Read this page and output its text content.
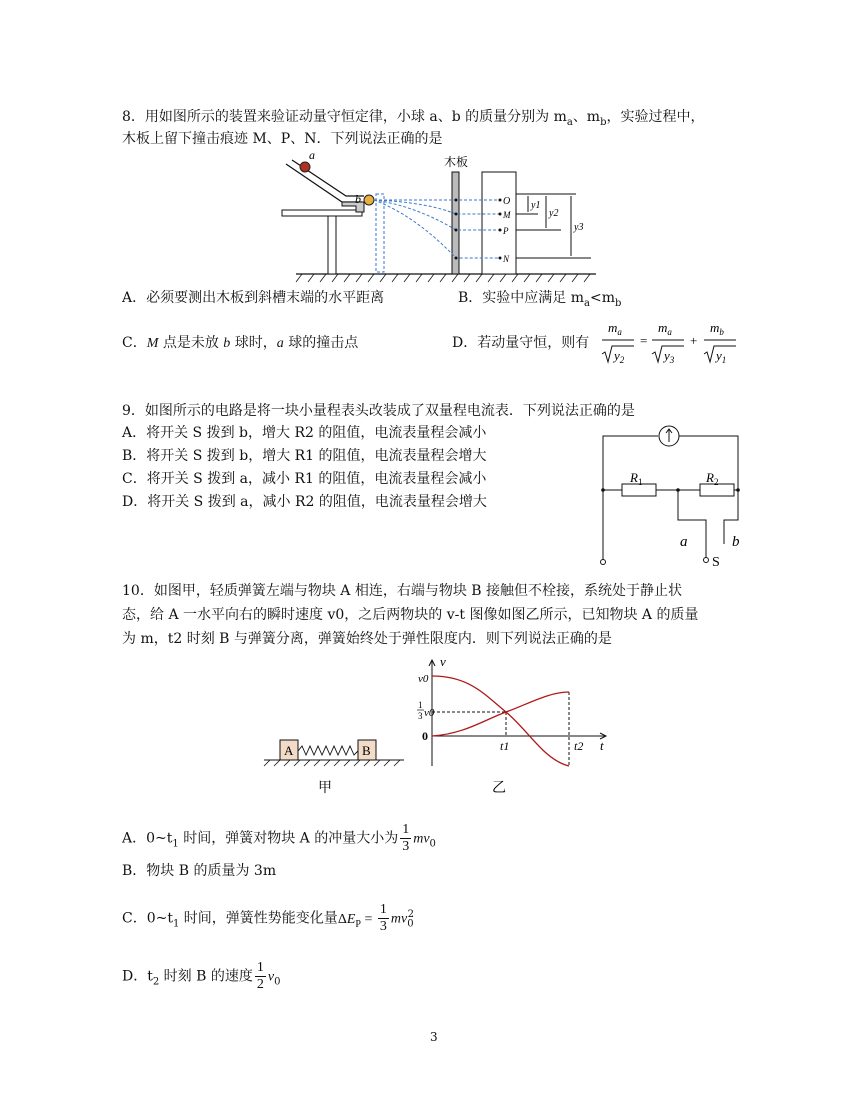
8．用如图所示的装置来验证动量守恒定律，小球 a、b 的质量分别为 $m_a$、$m_b$，实验过程中，
木板上留下撞击痕迹 M、P、N．下列说法正确的是
a
b
木板
O
M
P
N
y1
y2
y3
A．必须要测出木板到斜槽末端的水平距离	B．实验中应满足 $m_a<m_b$
C．M 点是未放 b 球时，a 球的撞击点	D．若动量守恒，则有
$m_a$
$y_2$
=
$m_a$
$y_3$
+
$m_b$
$y_1$
9．如图所示的电路是将一块小量程表头改装成了双量程电流表．下列说法正确的是
A．将开关 S 拨到 b，增大 R2 的阻值，电流表量程会减小
B．将开关 S 拨到 b，增大 R1 的阻值，电流表量程会增大
C．将开关 S 拨到 a，减小 R1 的阻值，电流表量程会减小
D．将开关 S 拨到 a，减小 R2 的阻值，电流表量程会增大
$R_1$	$R_2$
a	b
S
10．如图甲，轻质弹簧左端与物块 A 相连，右端与物块 B 接触但不栓接，系统处于静止状
态，给 A 一水平向右的瞬时速度 v0，之后两物块的 v-t 图像如图乙所示，已知物块 A 的质量
为 m，t2 时刻 B 与弹簧分离，弹簧始终处于弹性限度内．则下列说法正确的是
A	B
甲
v
t
v0
1
3 v0
0
t1	t2
乙
A．$0\sim t_1$ 时间，弹簧对物块 A 的冲量大小为 $\frac{1}{3} mv_0$
B．物块 B 的质量为 3m
C．$0\sim t_1$ 时间，弹簧性势能变化量$\Delta E_P = \frac{1}{3} mv_0^2$
D．$t_2$ 时刻 B 的速度 $\frac{1}{2} v_0$
3
